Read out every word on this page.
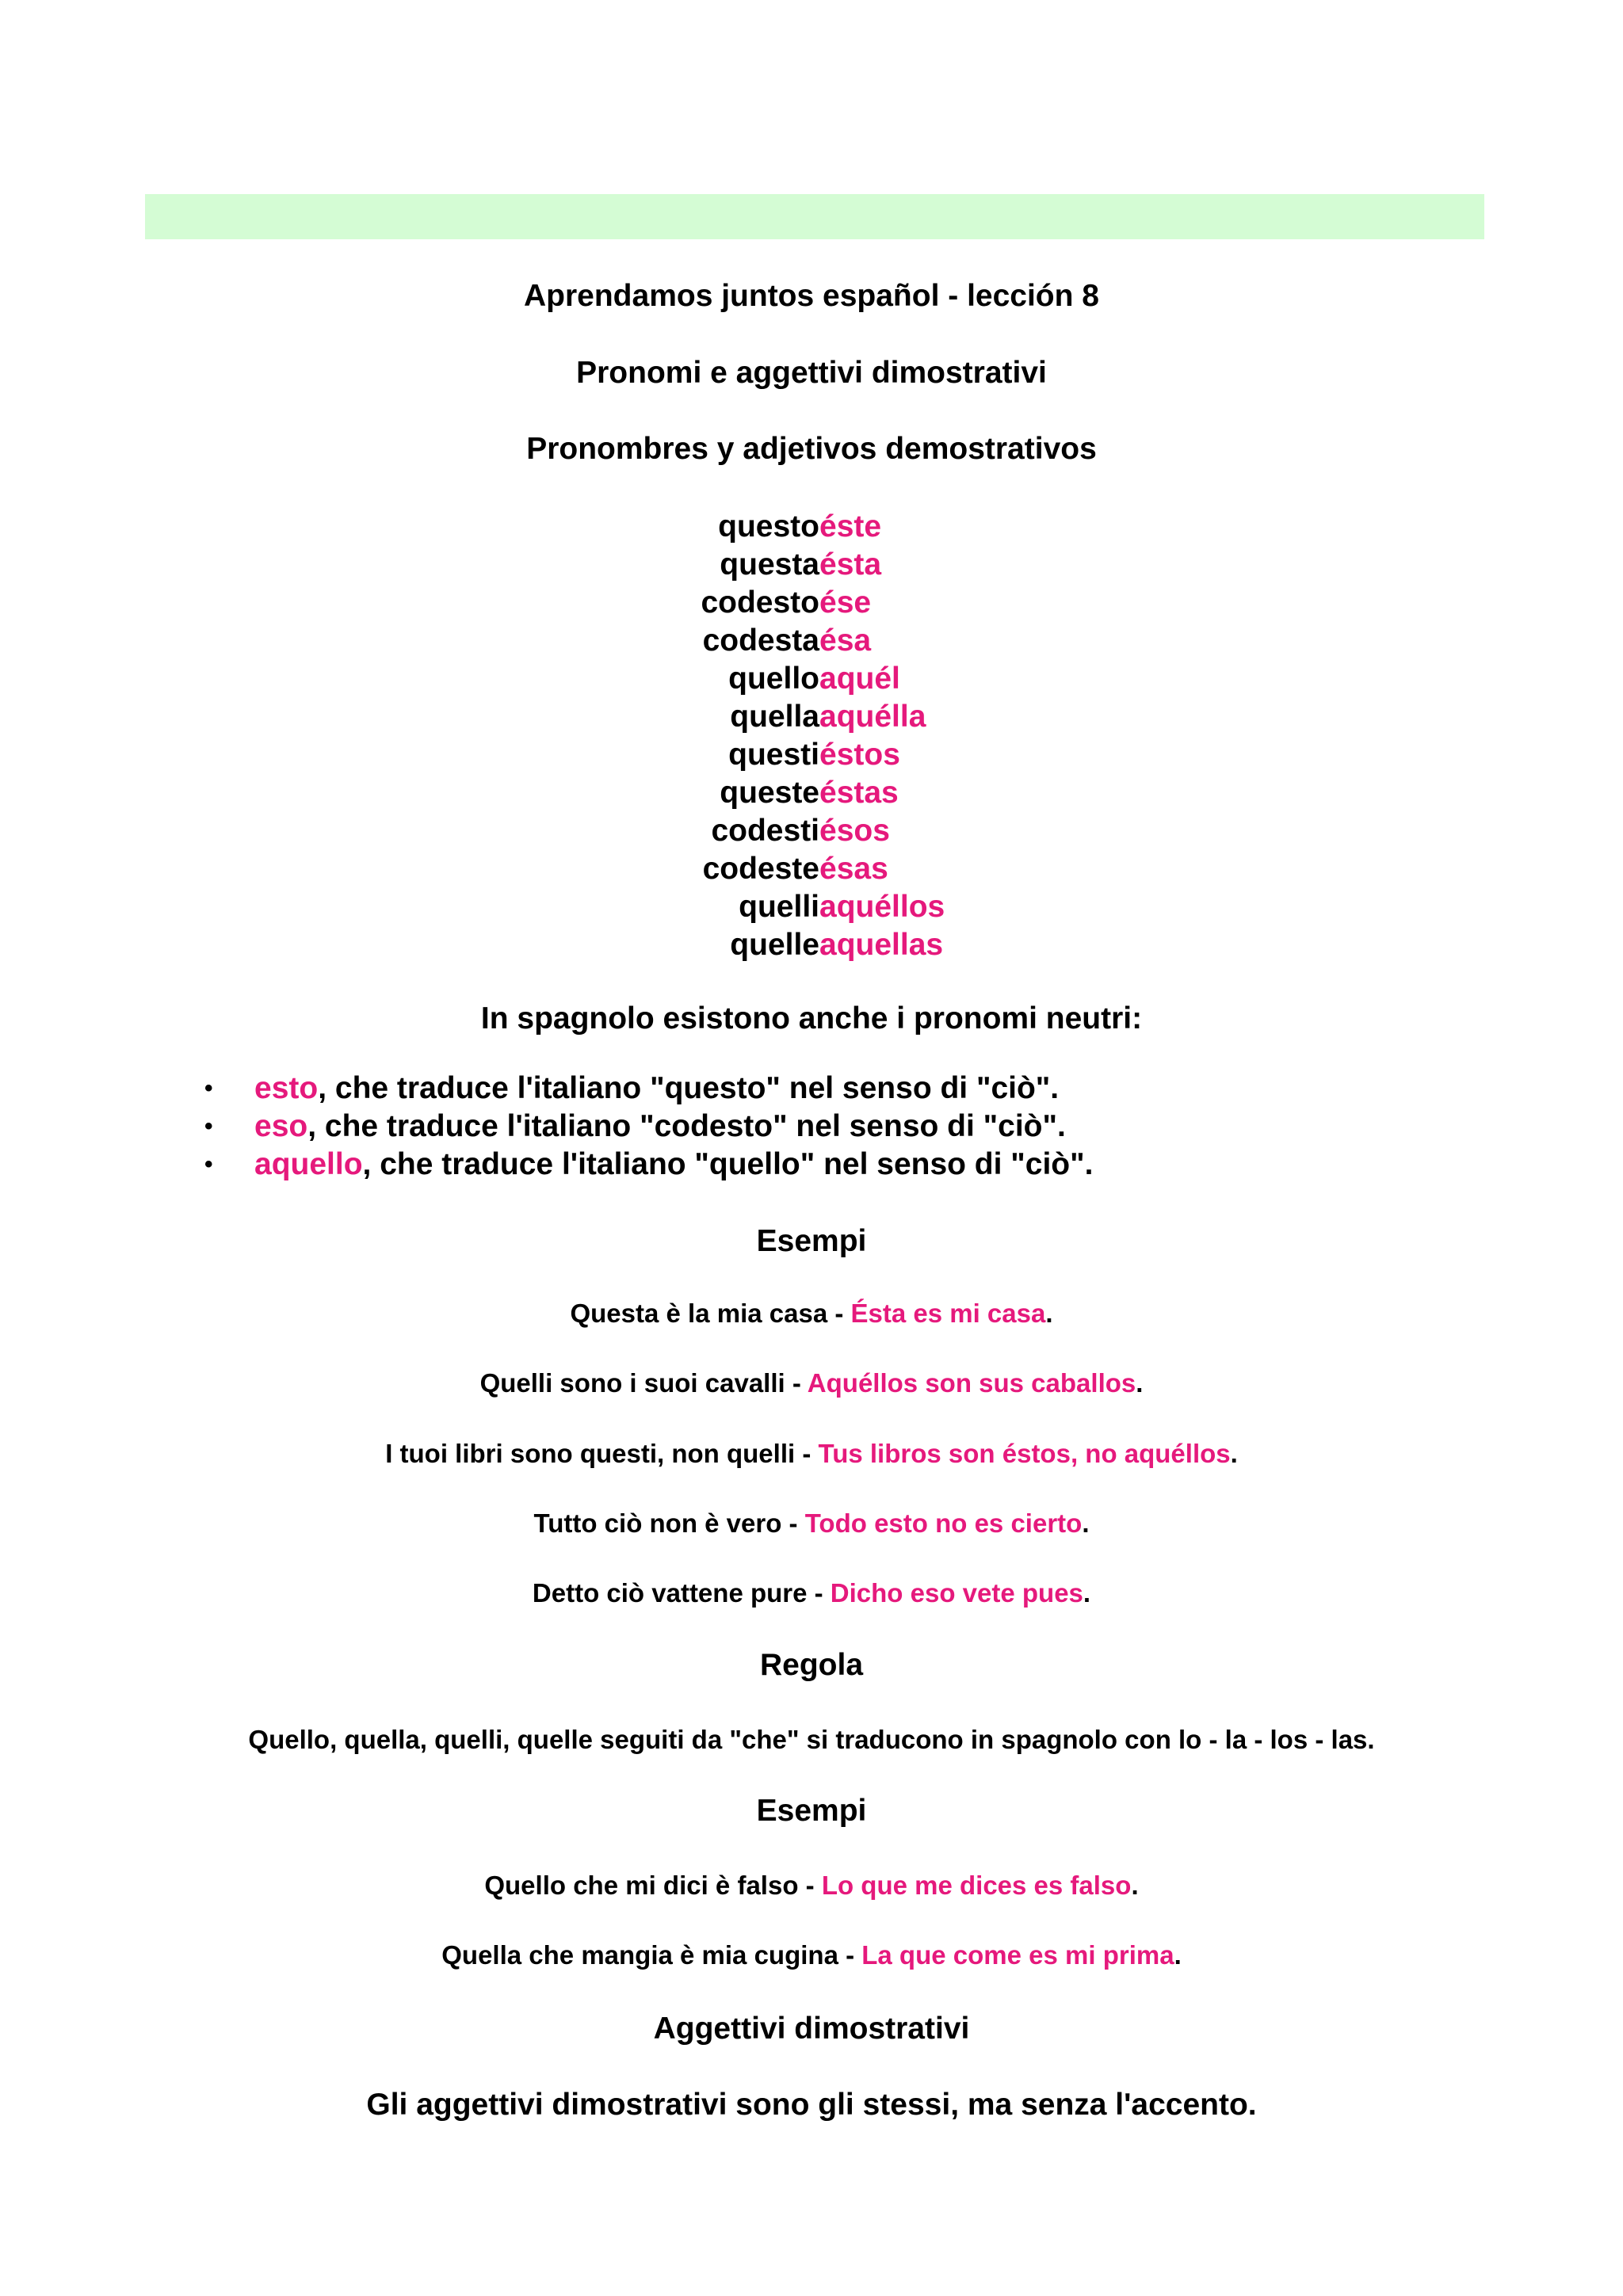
Aprendamos juntos español - lección 8
Pronomi e aggettivi dimostrativi
Pronombres y adjetivos demostrativos
questo éste
questa ésta
codesto ése
codesta ésa
quello aquél
quella aquélla
questi éstos
queste éstas
codesti ésos
codeste ésas
quelli aquéllos
quelle aquellas
In spagnolo esistono anche i pronomi neutri:
• esto, che traduce l'italiano "questo" nel senso di "ciò".
• eso, che traduce l'italiano "codesto" nel senso di "ciò".
• aquello, che traduce l'italiano "quello" nel senso di "ciò".
Esempi
Questa è la mia casa - Ésta es mi casa.
Quelli sono i suoi cavalli - Aquéllos son sus caballos.
I tuoi libri sono questi, non quelli - Tus libros son éstos, no aquéllos.
Tutto ciò non è vero - Todo esto no es cierto.
Detto ciò vattene pure - Dicho eso vete pues.
Regola
Quello, quella, quelli, quelle seguiti da "che" si traducono in spagnolo con lo - la - los - las.
Esempi
Quello che mi dici è falso - Lo que me dices es falso.
Quella che mangia è mia cugina - La que come es mi prima.
Aggettivi dimostrativi
Gli aggettivi dimostrativi sono gli stessi, ma senza l'accento.
